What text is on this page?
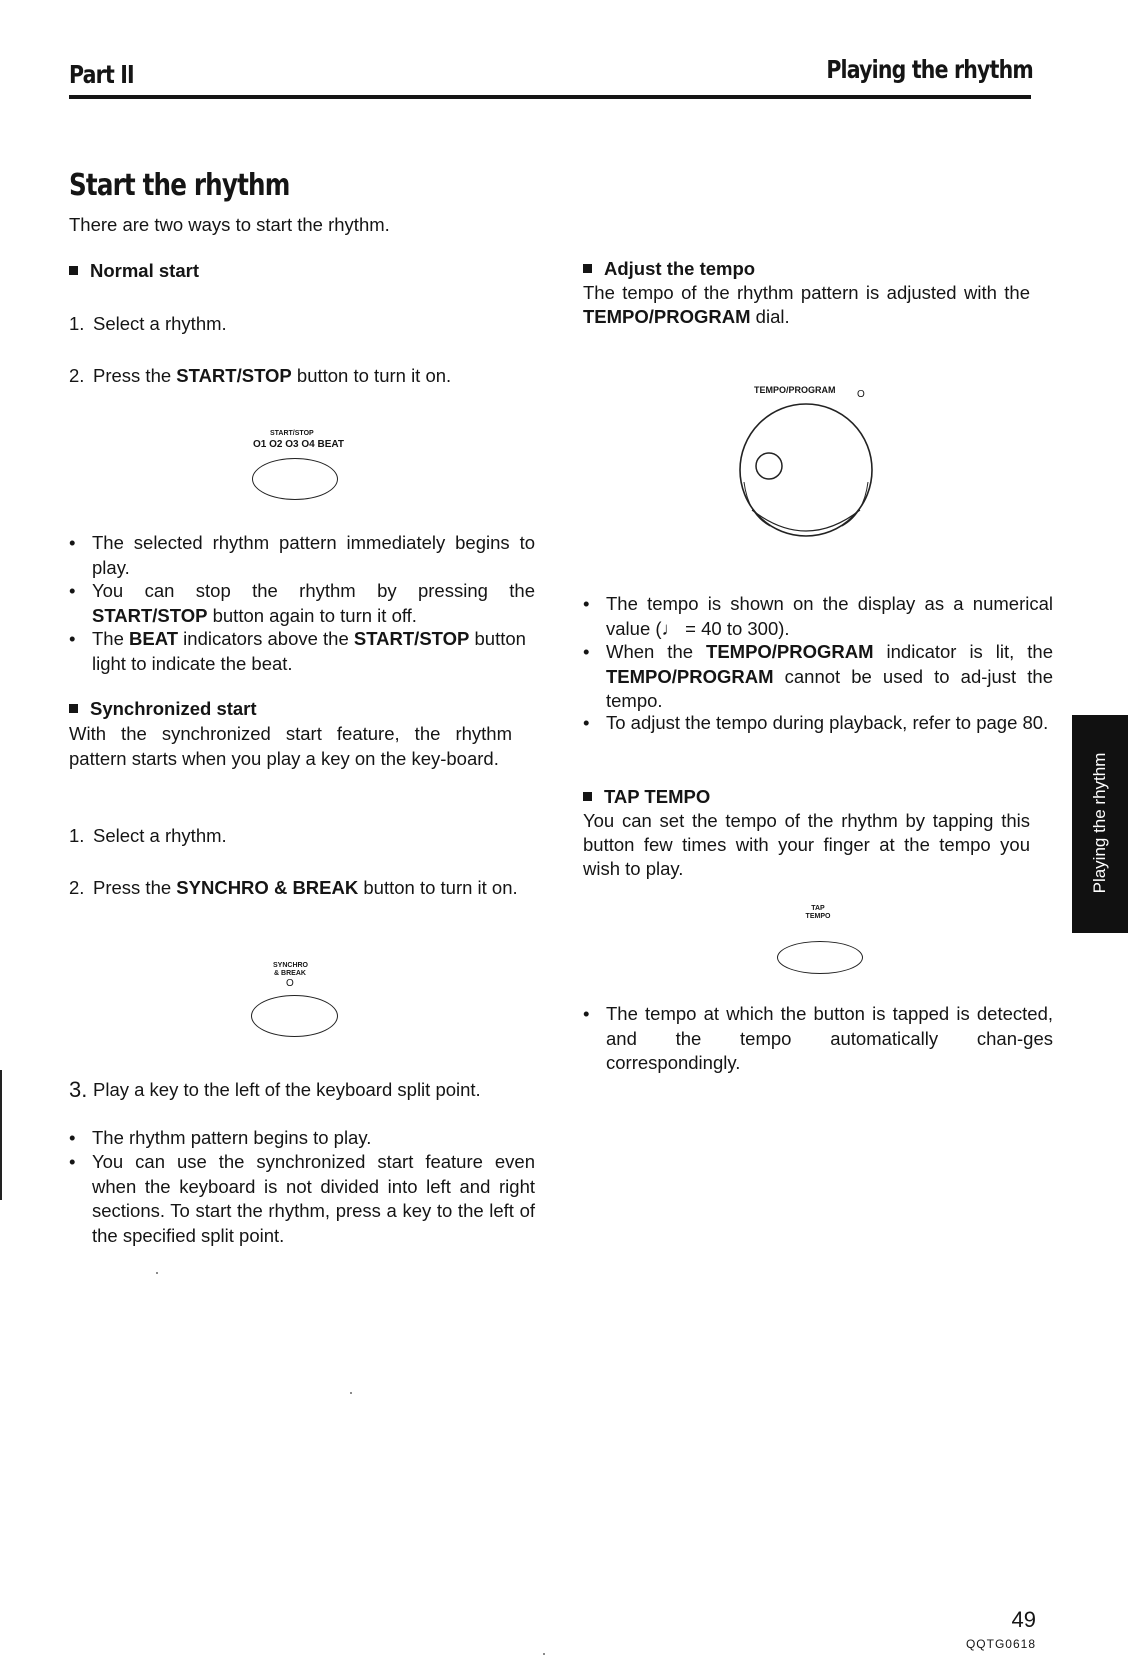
Part II	Playing the rhythm
Start the rhythm
There are two ways to start the rhythm.
Normal start
1. Select a rhythm.
2. Press the START/STOP button to turn it on.
START/STOP
O1 O2 O3 O4 BEAT
• The selected rhythm pattern immediately begins to play.
• You can stop the rhythm by pressing the START/STOP button again to turn it off.
• The BEAT indicators above the START/STOP button light to indicate the beat.
Synchronized start
With the synchronized start feature, the rhythm pattern starts when you play a key on the key-board.
1. Select a rhythm.
2. Press the SYNCHRO & BREAK button to turn it on.
SYNCHRO
& BREAK
O
3. Play a key to the left of the keyboard split point.
• The rhythm pattern begins to play.
• You can use the synchronized start feature even when the keyboard is not divided into left and right sections. To start the rhythm, press a key to the left of the specified split point.
Adjust the tempo
The tempo of the rhythm pattern is adjusted with the TEMPO/PROGRAM dial.
TEMPO/PROGRAM O
• The tempo is shown on the display as a numerical value (♩ = 40 to 300).
• When the TEMPO/PROGRAM indicator is lit, the TEMPO/PROGRAM cannot be used to ad-just the tempo.
• To adjust the tempo during playback, refer to page 80.
TAP TEMPO
You can set the tempo of the rhythm by tapping this button few times with your finger at the tempo you wish to play.
TAP
TEMPO
• The tempo at which the button is tapped is detected, and the tempo automatically chan-ges correspondingly.
Playing the rhythm
49
QQTG0618
